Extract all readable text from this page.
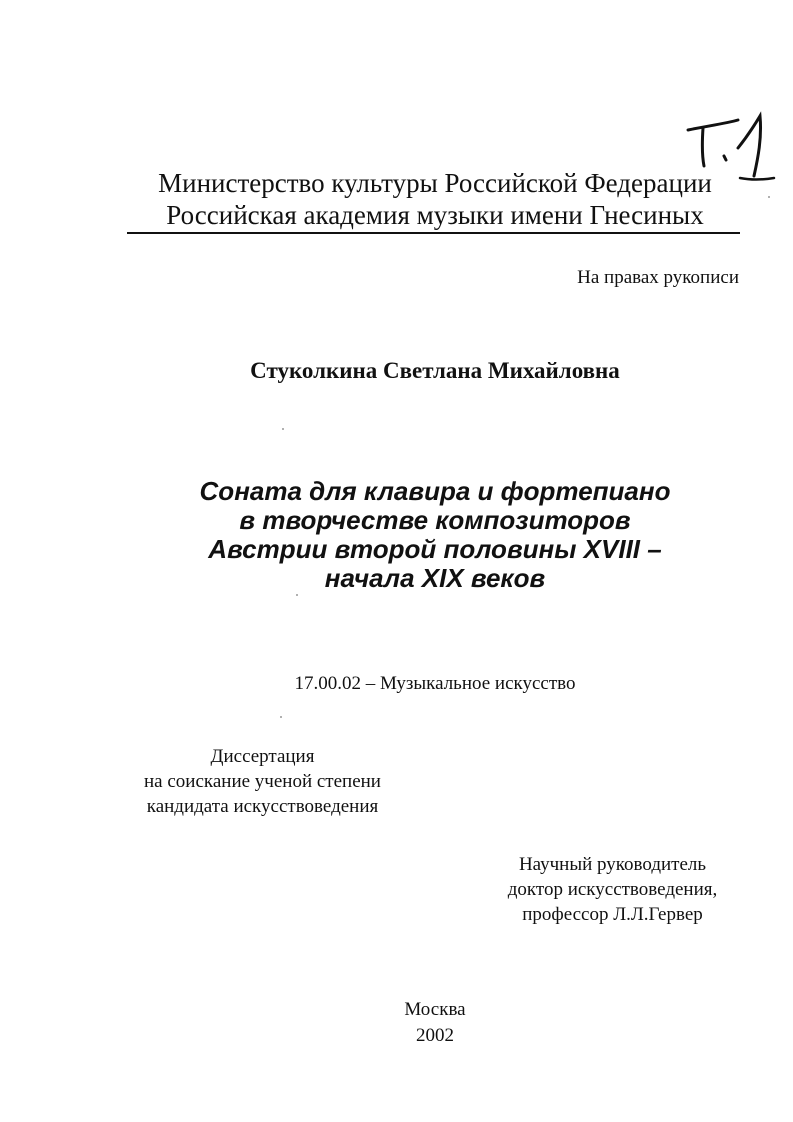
Министерство культуры Российской Федерации
Российская академия музыки имени Гнесиных
На правах рукописи
Стуколкина Светлана Михайловна
Соната для клавира и фортепиано
в творчестве композиторов
Австрии второй половины XVIII –
начала XIX веков
17.00.02 – Музыкальное искусство
Диссертация
на соискание ученой степени
кандидата искусствоведения
Научный руководитель
доктор искусствоведения,
профессор Л.Л.Гервер
Москва
2002
